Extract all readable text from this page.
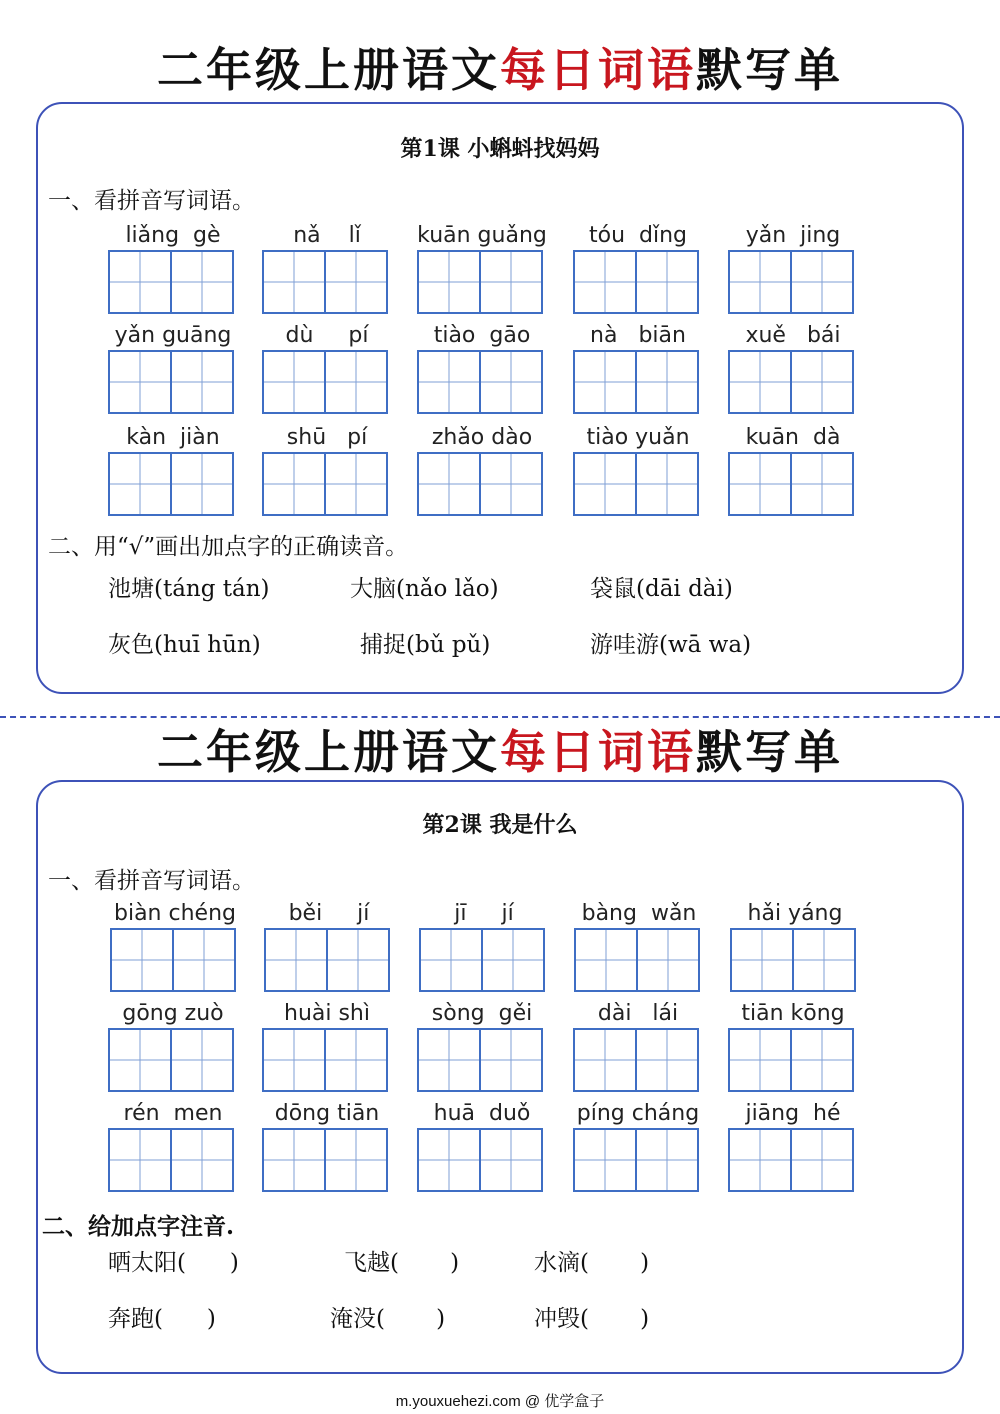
二年级上册语文每日词语默写单
第1课 小蝌蚪找妈妈
一、看拼音写词语。
liǎng  gè	nǎ    lǐ	kuān guǎng	tóu  dǐng	yǎn  jing
yǎn guāng	dù     pí	tiào  gāo	nà   biān	xuě   bái
kàn  jiàn	shū   pí	zhǎo dào	tiào yuǎn	kuān  dà
二、用“√”画出加点字的正确读音。
池塘(táng tán)	大脑(nǎo lǎo)	袋鼠(dāi dài)
灰色(huī hūn)	捕捉(bǔ pǔ)	游哇游(wā wa)
二年级上册语文每日词语默写单
第2课 我是什么
一、看拼音写词语。
biàn chéng	běi     jí	jī     jí	bàng  wǎn	hǎi yáng
gōng zuò	huài shì	sòng  gěi	dài   lái	tiān kōng
rén  men	dōng tiān	huā  duǒ	píng cháng	jiāng  hé
二、给加点字注音.
晒太阳(      )	飞越(       )	水滴(       )
奔跑(      )	淹没(       )	冲毁(       )
m.youxuehezi.com @ 优学盒子
